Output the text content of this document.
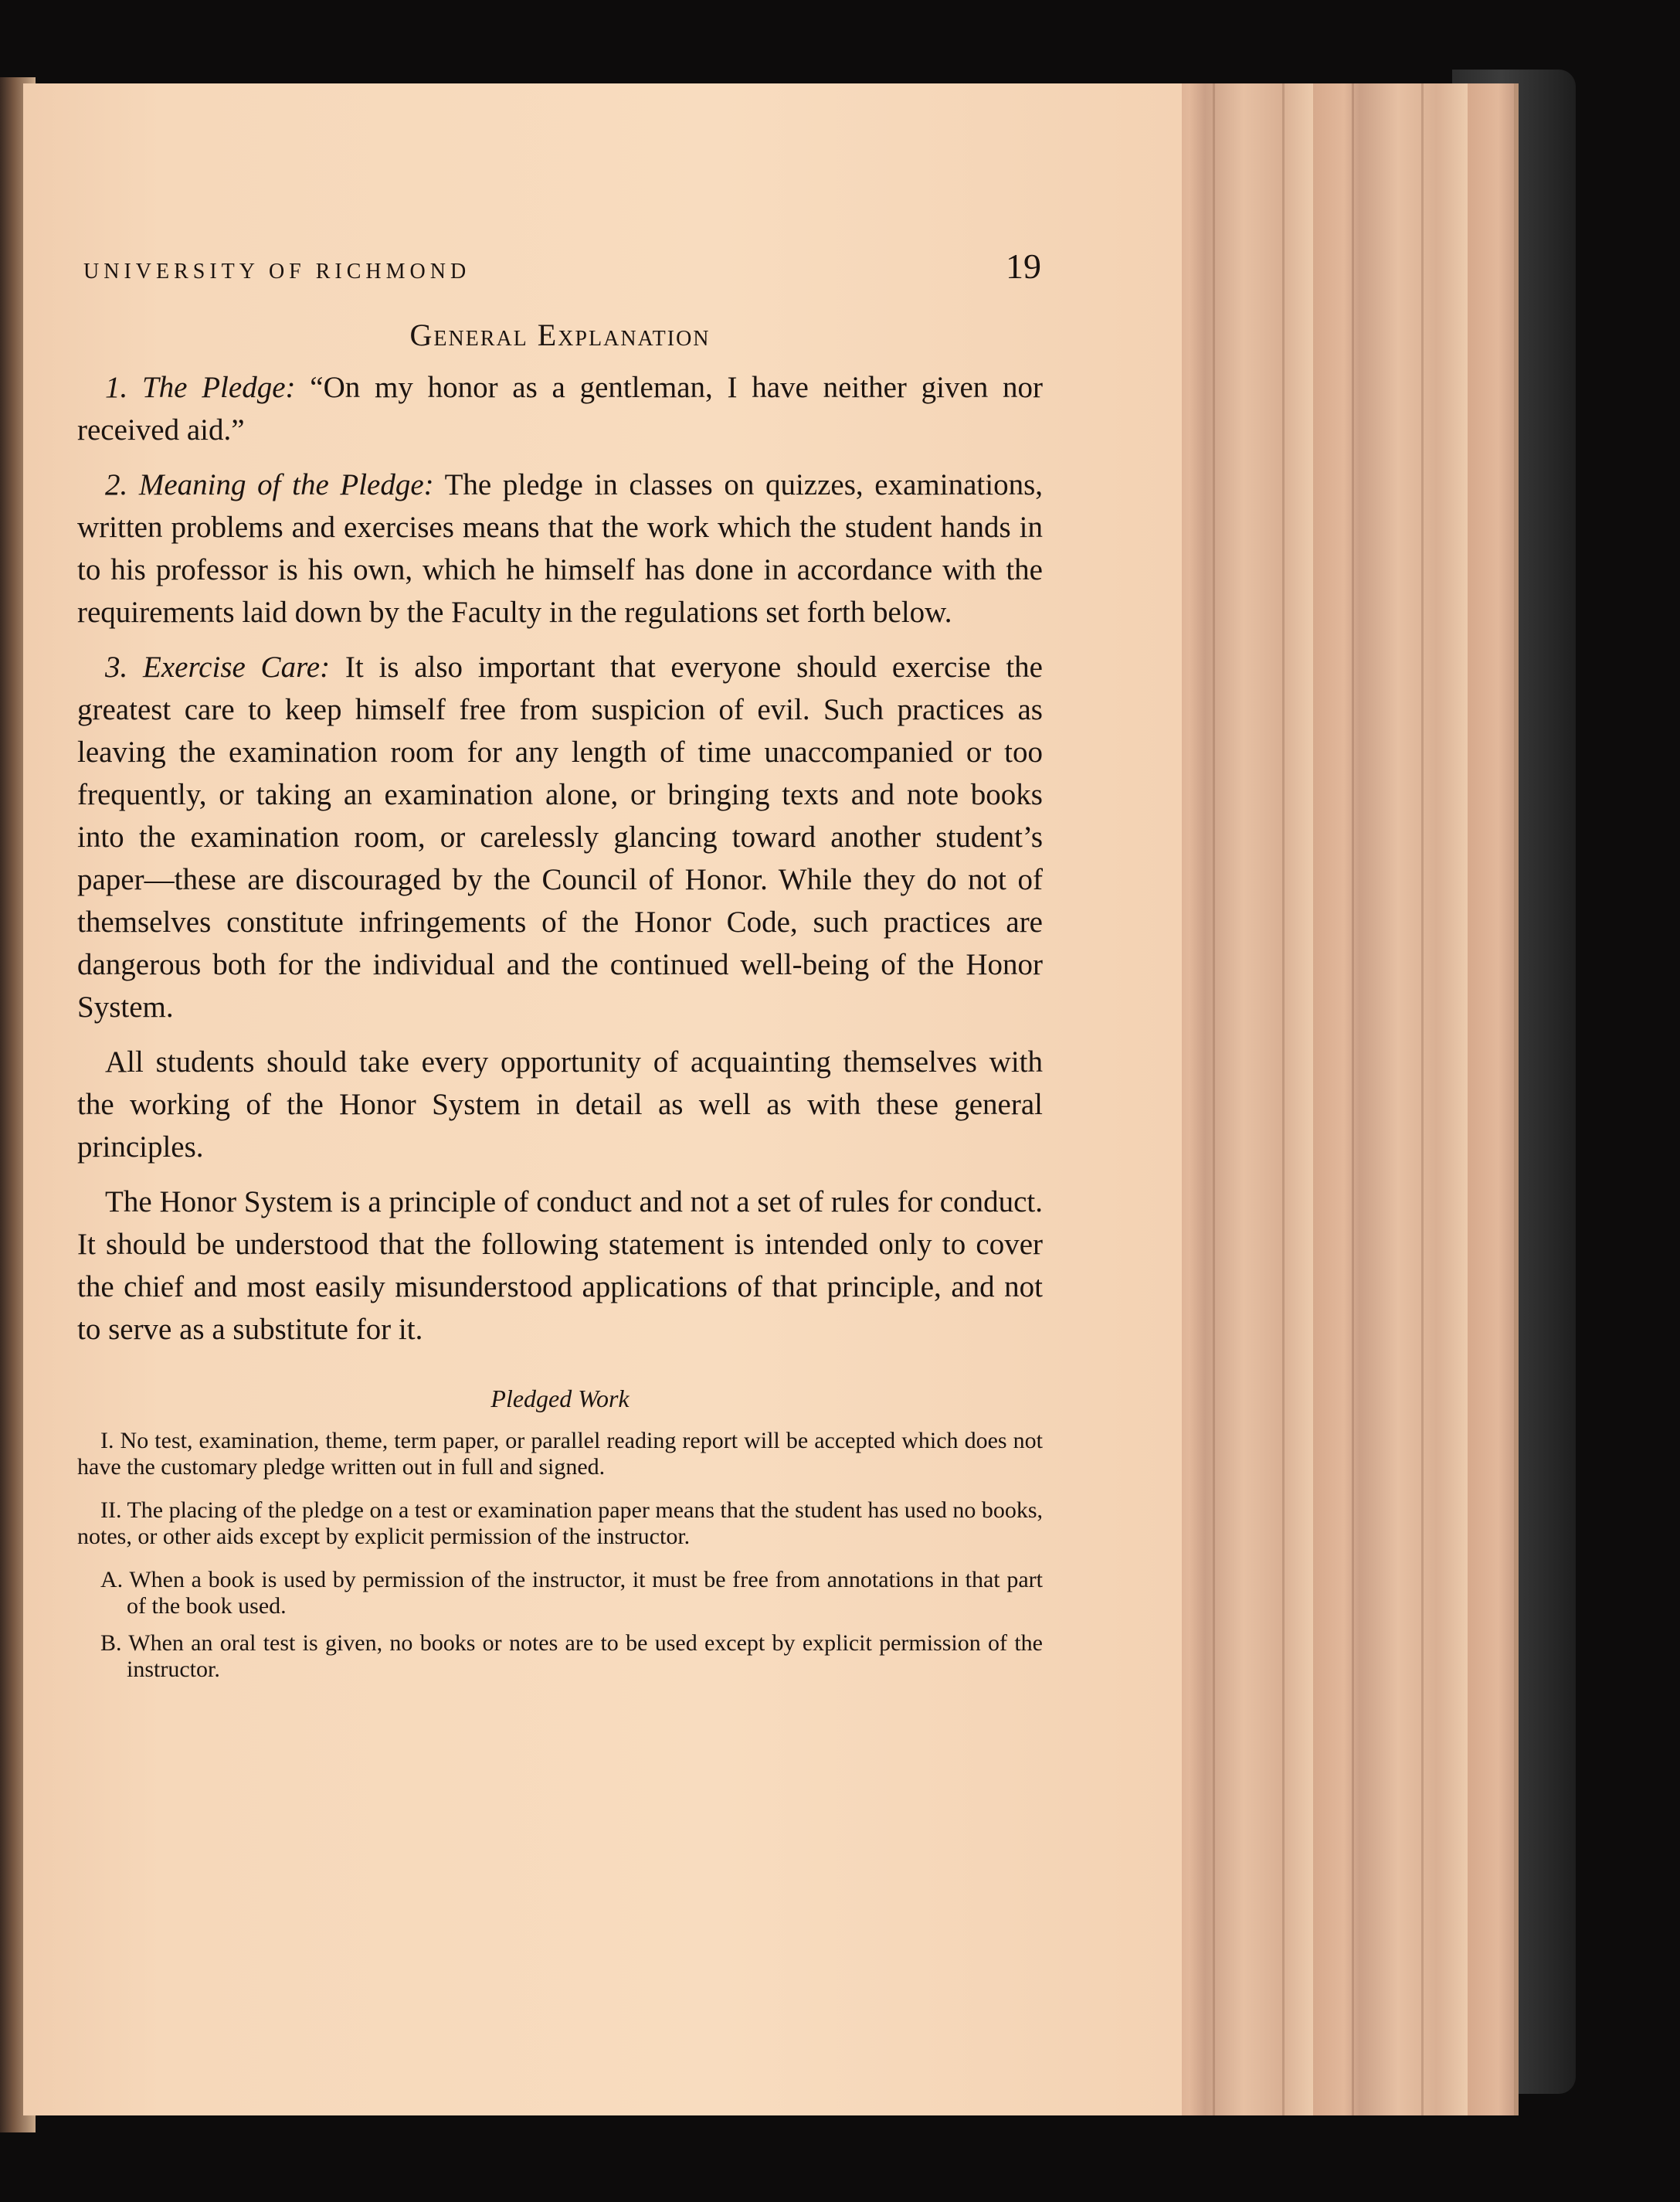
UNIVERSITY OF RICHMOND	19
General Explanation

1. The Pledge: “On my honor as a gentleman, I have neither given nor received aid.”

2. Meaning of the Pledge: The pledge in classes on quizzes, examinations, written problems and exercises means that the work which the student hands in to his professor is his own, which he himself has done in accordance with the requirements laid down by the Faculty in the regulations set forth below.

3. Exercise Care: It is also important that everyone should exercise the greatest care to keep himself free from suspicion of evil. Such practices as leaving the examination room for any length of time unaccompanied or too frequently, or taking an examination alone, or bringing texts and note books into the examination room, or carelessly glancing toward another student’s paper—these are discouraged by the Council of Honor. While they do not of themselves constitute infringements of the Honor Code, such practices are dangerous both for the individual and the continued well-being of the Honor System.

All students should take every opportunity of acquainting themselves with the working of the Honor System in detail as well as with these general principles.

The Honor System is a principle of conduct and not a set of rules for conduct. It should be understood that the following statement is intended only to cover the chief and most easily misunderstood applications of that principle, and not to serve as a substitute for it.

Pledged Work

I. No test, examination, theme, term paper, or parallel reading report will be accepted which does not have the customary pledge written out in full and signed.

II. The placing of the pledge on a test or examination paper means that the student has used no books, notes, or other aids except by explicit permission of the instructor.

A. When a book is used by permission of the instructor, it must be free from annotations in that part of the book used.

B. When an oral test is given, no books or notes are to be used except by explicit permission of the instructor.
